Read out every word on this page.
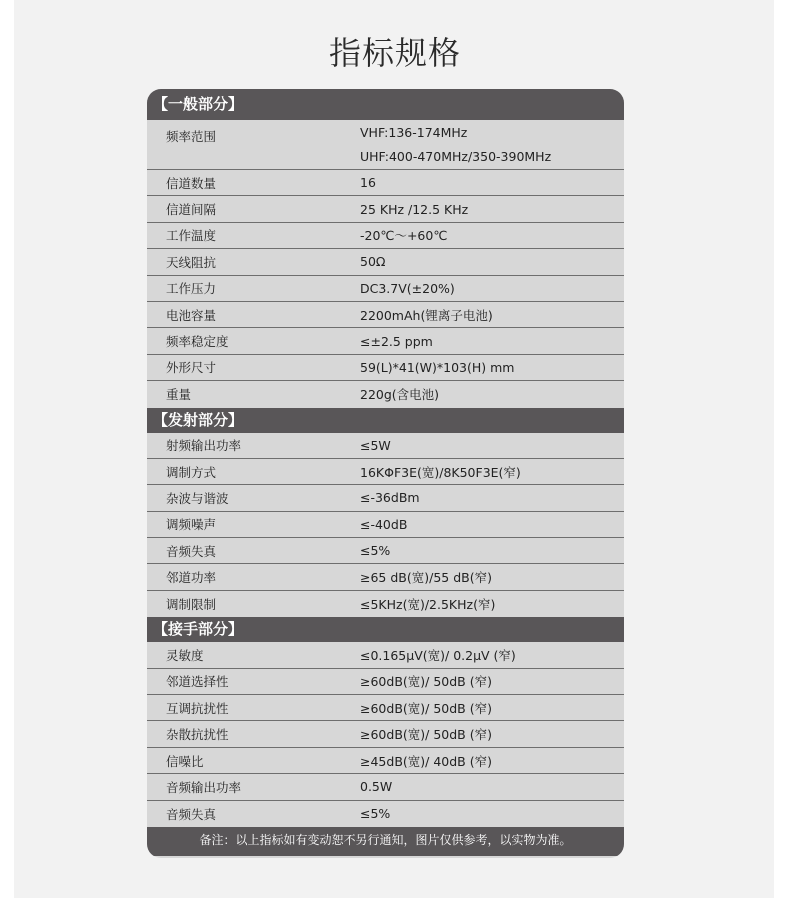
指标规格
【一般部分】
频率范围	VHF:136-174MHz
UHF:400-470MHz/350-390MHz
信道数量	16
信道间隔	25 KHz /12.5 KHz
工作温度	-20℃～+60℃
天线阻抗	50Ω
工作压力	DC3.7V(±20%)
电池容量	2200mAh(锂离子电池)
频率稳定度	≤±2.5 ppm
外形尺寸	59(L)*41(W)*103(H) mm
重量	220g(含电池)
【发射部分】
射频输出功率	≤5W
调制方式	16KΦF3E(宽)/8K50F3E(窄)
杂波与谐波	≤-36dBm
调频噪声	≤-40dB
音频失真	≤5%
邻道功率	≥65 dB(宽)/55 dB(窄)
调制限制	≤5KHz(宽)/2.5KHz(窄)
【接手部分】
灵敏度	≤0.165μV(宽)/ 0.2μV (窄)
邻道选择性	≥60dB(宽)/ 50dB (窄)
互调抗扰性	≥60dB(宽)/ 50dB (窄)
杂散抗扰性	≥60dB(宽)/ 50dB (窄)
信噪比	≥45dB(宽)/ 40dB (窄)
音频输出功率	0.5W
音频失真	≤5%
备注：以上指标如有变动恕不另行通知，图片仅供参考，以实物为准。
